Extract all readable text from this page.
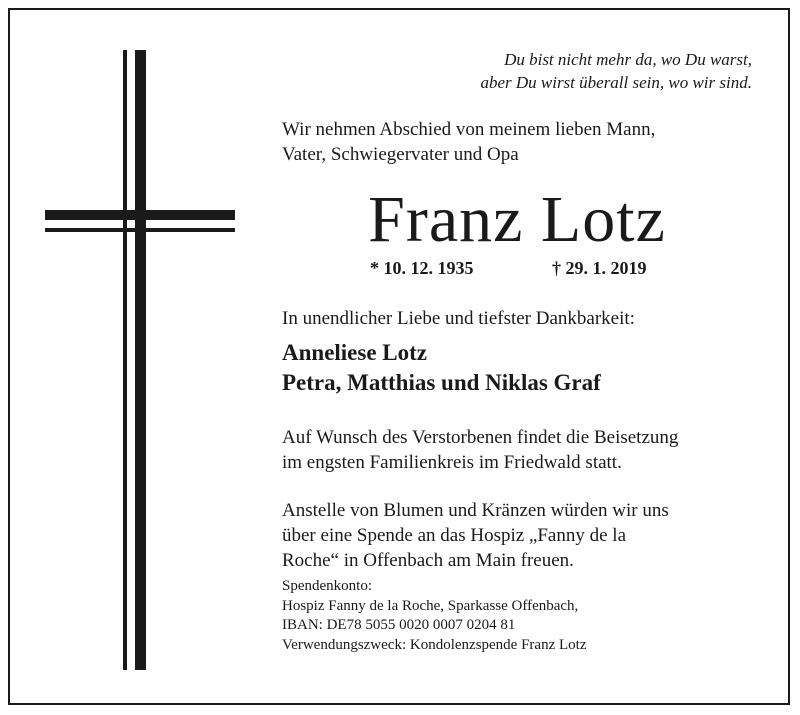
Du bist nicht mehr da, wo Du warst,
aber Du wirst überall sein, wo wir sind.
Wir nehmen Abschied von meinem lieben Mann,
Vater, Schwiegervater und Opa
Franz Lotz
* 10. 12. 1935	† 29. 1. 2019
In unendlicher Liebe und tiefster Dankbarkeit:
Anneliese Lotz
Petra, Matthias und Niklas Graf
Auf Wunsch des Verstorbenen findet die Beisetzung
im engsten Familienkreis im Friedwald statt.
Anstelle von Blumen und Kränzen würden wir uns
über eine Spende an das Hospiz „Fanny de la
Roche“ in Offenbach am Main freuen.
Spendenkonto:
Hospiz Fanny de la Roche, Sparkasse Offenbach,
IBAN: DE78 5055 0020 0007 0204 81
Verwendungszweck: Kondolenzspende Franz Lotz
